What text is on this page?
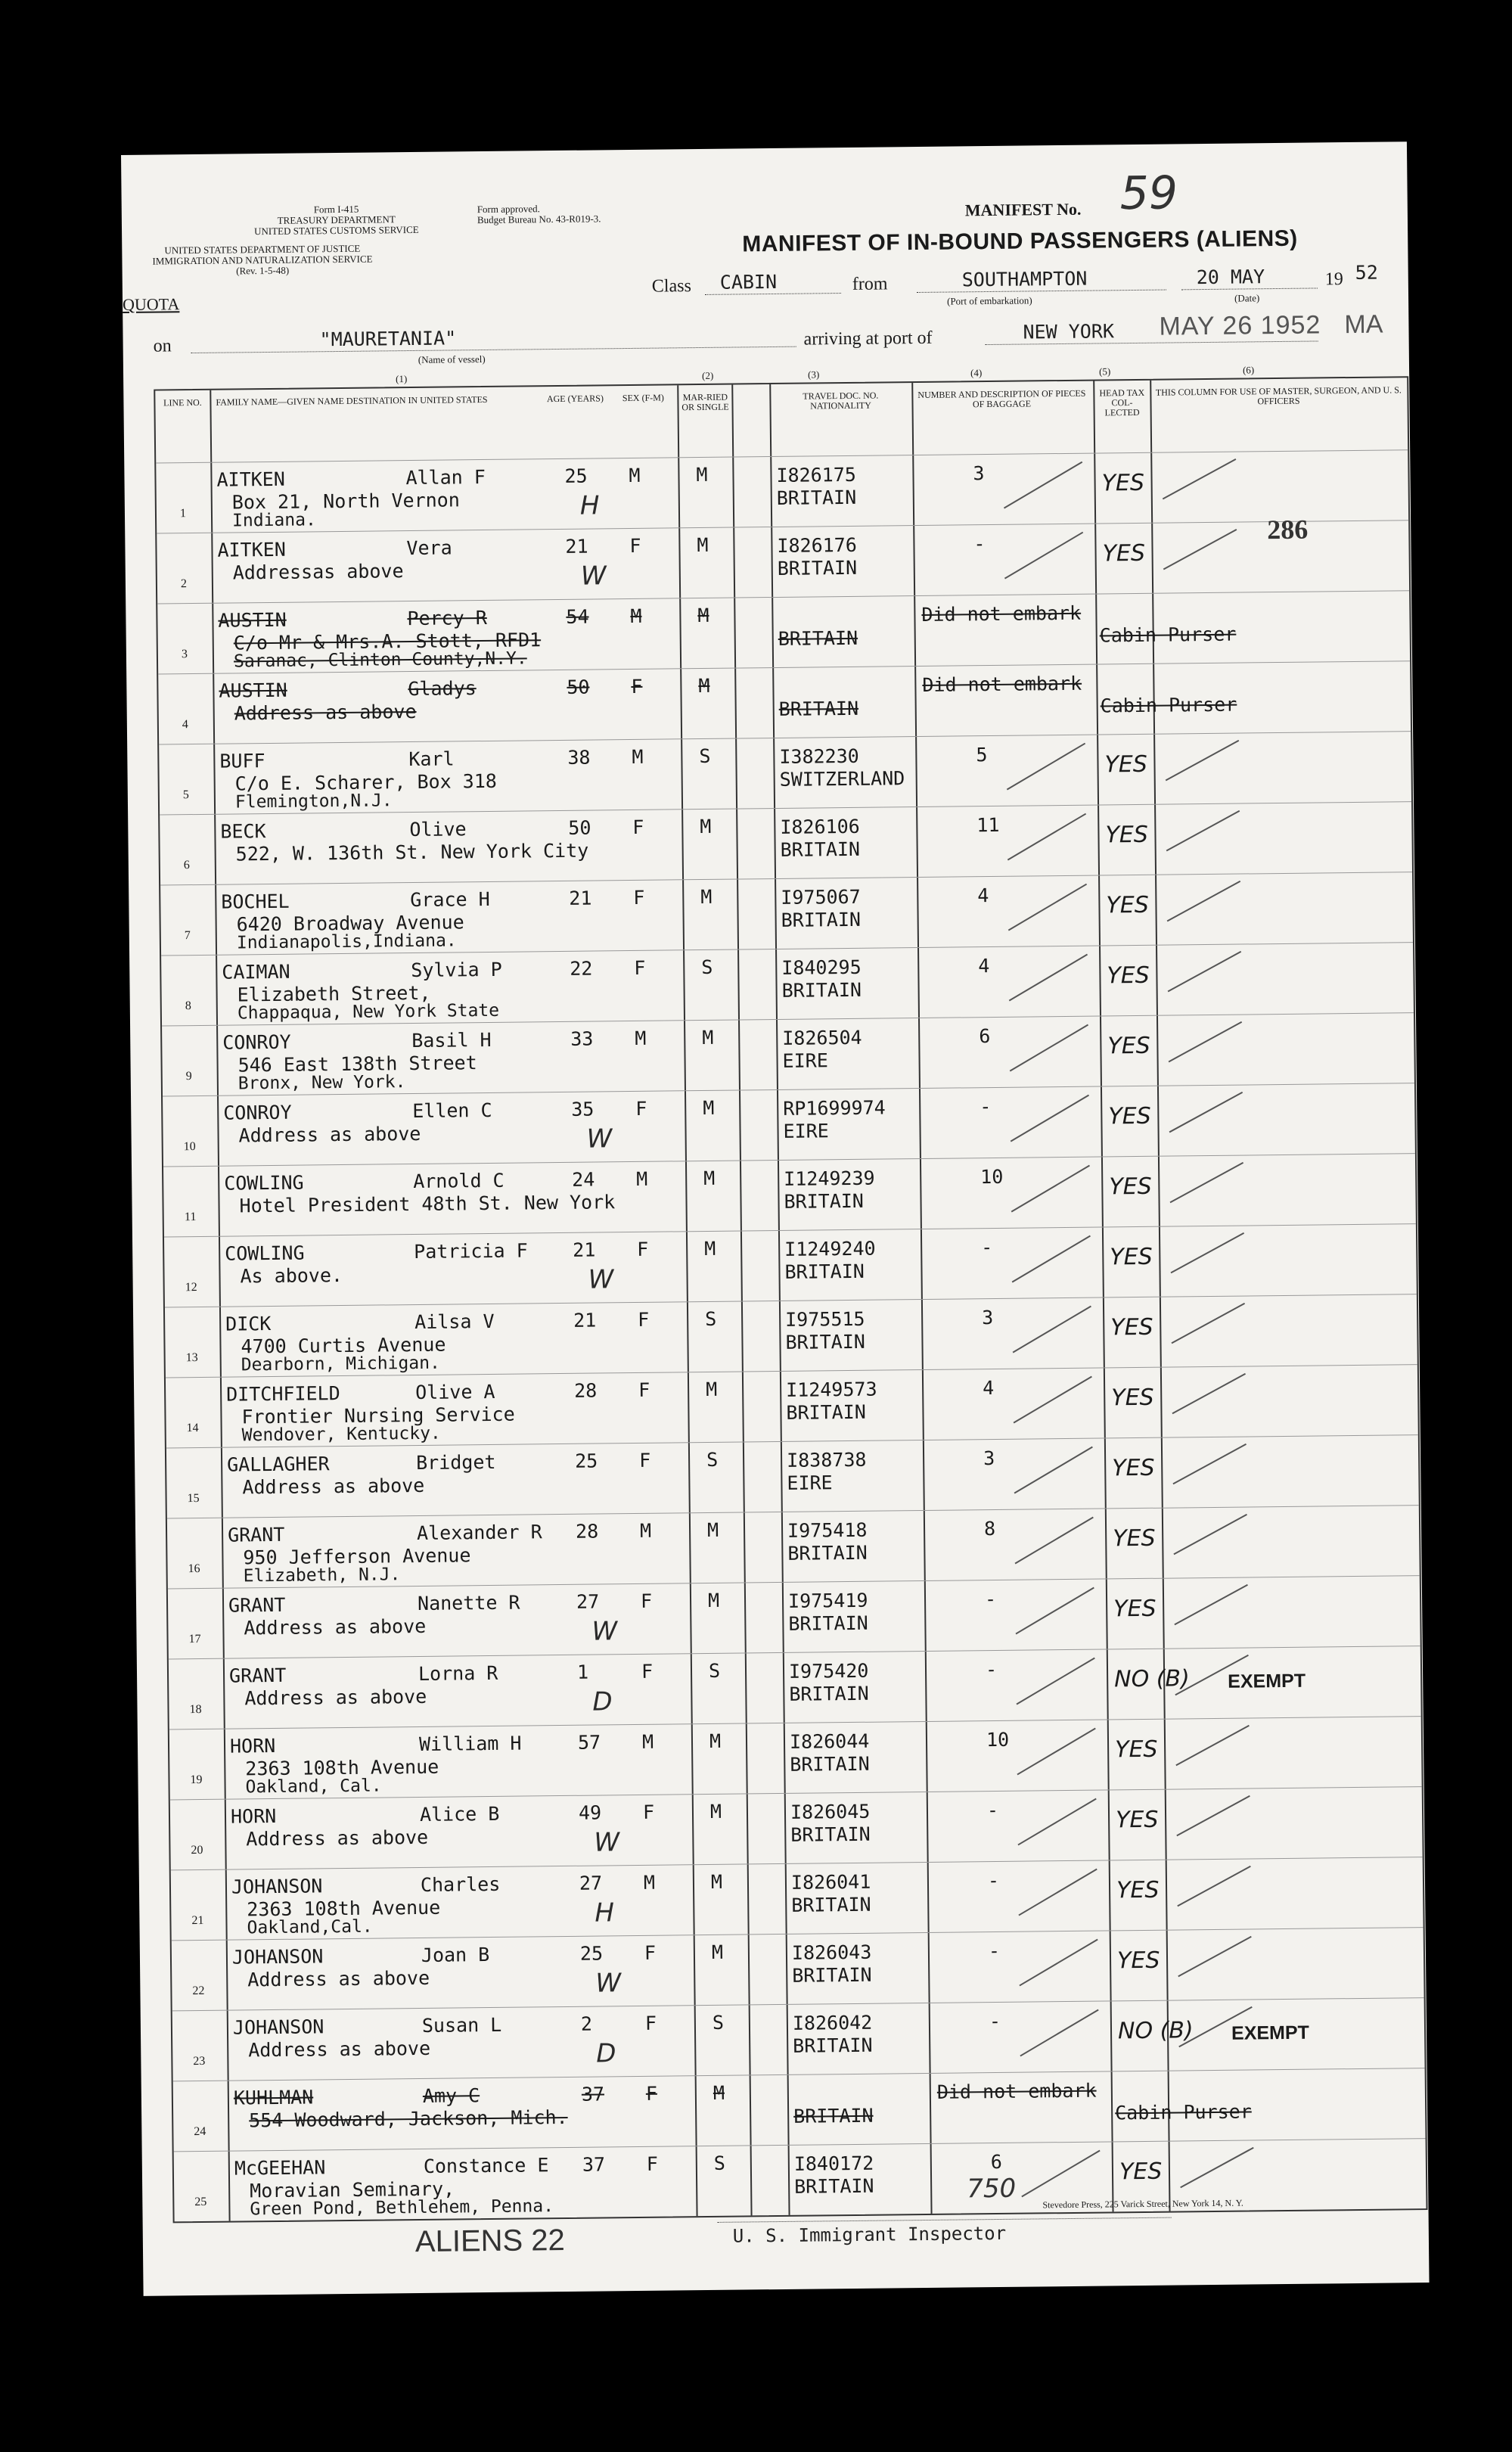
Form I-415
TREASURY DEPARTMENT
UNITED STATES CUSTOMS SERVICE
UNITED STATES DEPARTMENT OF JUSTICE
IMMIGRATION AND NATURALIZATION SERVICE
(Rev. 1-5-48)
Form approved.
Budget Bureau No. 43-R019-3.	MANIFEST No. 59
MANIFEST OF IN-BOUND PASSENGERS (ALIENS)
QUOTA
Class CABIN	from	SOUTHAMPTON
(Port of embarkation)
20 MAY
(Date)
19 52
on	"MAURETANIA"
(Name of vessel)
arriving at port of	NEW YORK MAY 26 1952 MA
(1)	(2)	(3)	(4)	(5)	(6)
LINE NO.	FAMILY NAME—GIVEN NAME DESTINATION IN UNITED STATES	AGE (YEARS)	SEX (F-M)	MAR-RIED OR SINGLE
TRAVEL DOC. NO. NATIONALITY
NUMBER AND DESCRIPTION OF PIECES OF BAGGAGE
HEAD TAX COL-LECTED
THIS COLUMN FOR USE OF MASTER, SURGEON, AND U. S. OFFICERS
1
AITKEN	Allan F
Box 21, North Vernon
Indiana.
25 M	M	I826175
BRITAIN
3	YES
H
2
AITKEN	Vera
Addressas above
21 F	M	I826176
BRITAIN
-	YES
W
3
AUSTIN	Percy R
C/o Mr & Mrs.A. Stott, RFD1
Saranac, Clinton County,N.Y.
54 M	M
BRITAIN
Did not embark
Cabin Purser
4
AUSTIN	Gladys
Address as above
50 F	M
BRITAIN
Did not embark
Cabin Purser
5
BUFF	Karl
C/o E. Scharer, Box 318
Flemington,N.J.
38 M	S	I382230
SWITZERLAND
5	YES
6
BECK	Olive
522, W. 136th St. New York City
50 F	M	I826106
BRITAIN
11	YES
7
BOCHEL	Grace H
6420 Broadway Avenue
Indianapolis,Indiana.
21 F	M	I975067
BRITAIN
4	YES
8
CAIMAN	Sylvia P
Elizabeth Street,
Chappaqua, New York State
22 F	S	I840295
BRITAIN
4	YES
9
CONROY	Basil H
546 East 138th Street
Bronx, New York.
33 M	M	I826504
EIRE
6	YES
10
CONROY	Ellen C
Address as above
35 F	M	RP1699974
EIRE
-	YES
W
11
COWLING	Arnold C
Hotel President 48th St. New York
24 M	M	I1249239
BRITAIN
10	YES
12
COWLING	Patricia F
As above.
21 F	M	I1249240
BRITAIN
-	YES
W
13
DICK	Ailsa V
4700 Curtis Avenue
Dearborn, Michigan.
21 F	S	I975515
BRITAIN
3	YES
14
DITCHFIELD	Olive A
Frontier Nursing Service
Wendover, Kentucky.
28 F	M	I1249573
BRITAIN
4	YES
15
GALLAGHER	Bridget
Address as above
25 F	S	I838738
EIRE
3	YES
16
GRANT	Alexander R
950 Jefferson Avenue
Elizabeth, N.J.
28 M	M	I975418
BRITAIN
8	YES
17
GRANT	Nanette R
Address as above
27 F	M	I975419
BRITAIN
-	YES
W
18
GRANT	Lorna R
Address as above
1	F	S	I975420
BRITAIN
-	NO (B) EXEMPT
D
19
HORN	William H
2363 108th Avenue
Oakland, Cal.
57 M	M	I826044
BRITAIN
10	YES
20
HORN	Alice B
Address as above
49 F	M	I826045
BRITAIN
-	YES
W
21
JOHANSON	Charles
2363 108th Avenue
Oakland,Cal.
27 M	M	I826041
BRITAIN
-	YES
H
22
JOHANSON	Joan B
Address as above
25 F	M	I826043
BRITAIN
-	YES
W
23
JOHANSON	Susan L
Address as above
2	F	S	I826042
BRITAIN
-	NO (B) EXEMPT
D
24
KUHLMAN	Amy C
554 Woodward, Jackson, Mich.
37 F	M
BRITAIN
Did not embark
Cabin Purser
25
McGEEHAN	Constance E
Moravian Seminary,
Green Pond, Bethlehem, Penna.
37 F	S	I840172
BRITAIN
6	YES
286
ALIENS 22	U. S. Immigrant Inspector
Stevedore Press, 225 Varick Street, New York 14, N. Y.
750
